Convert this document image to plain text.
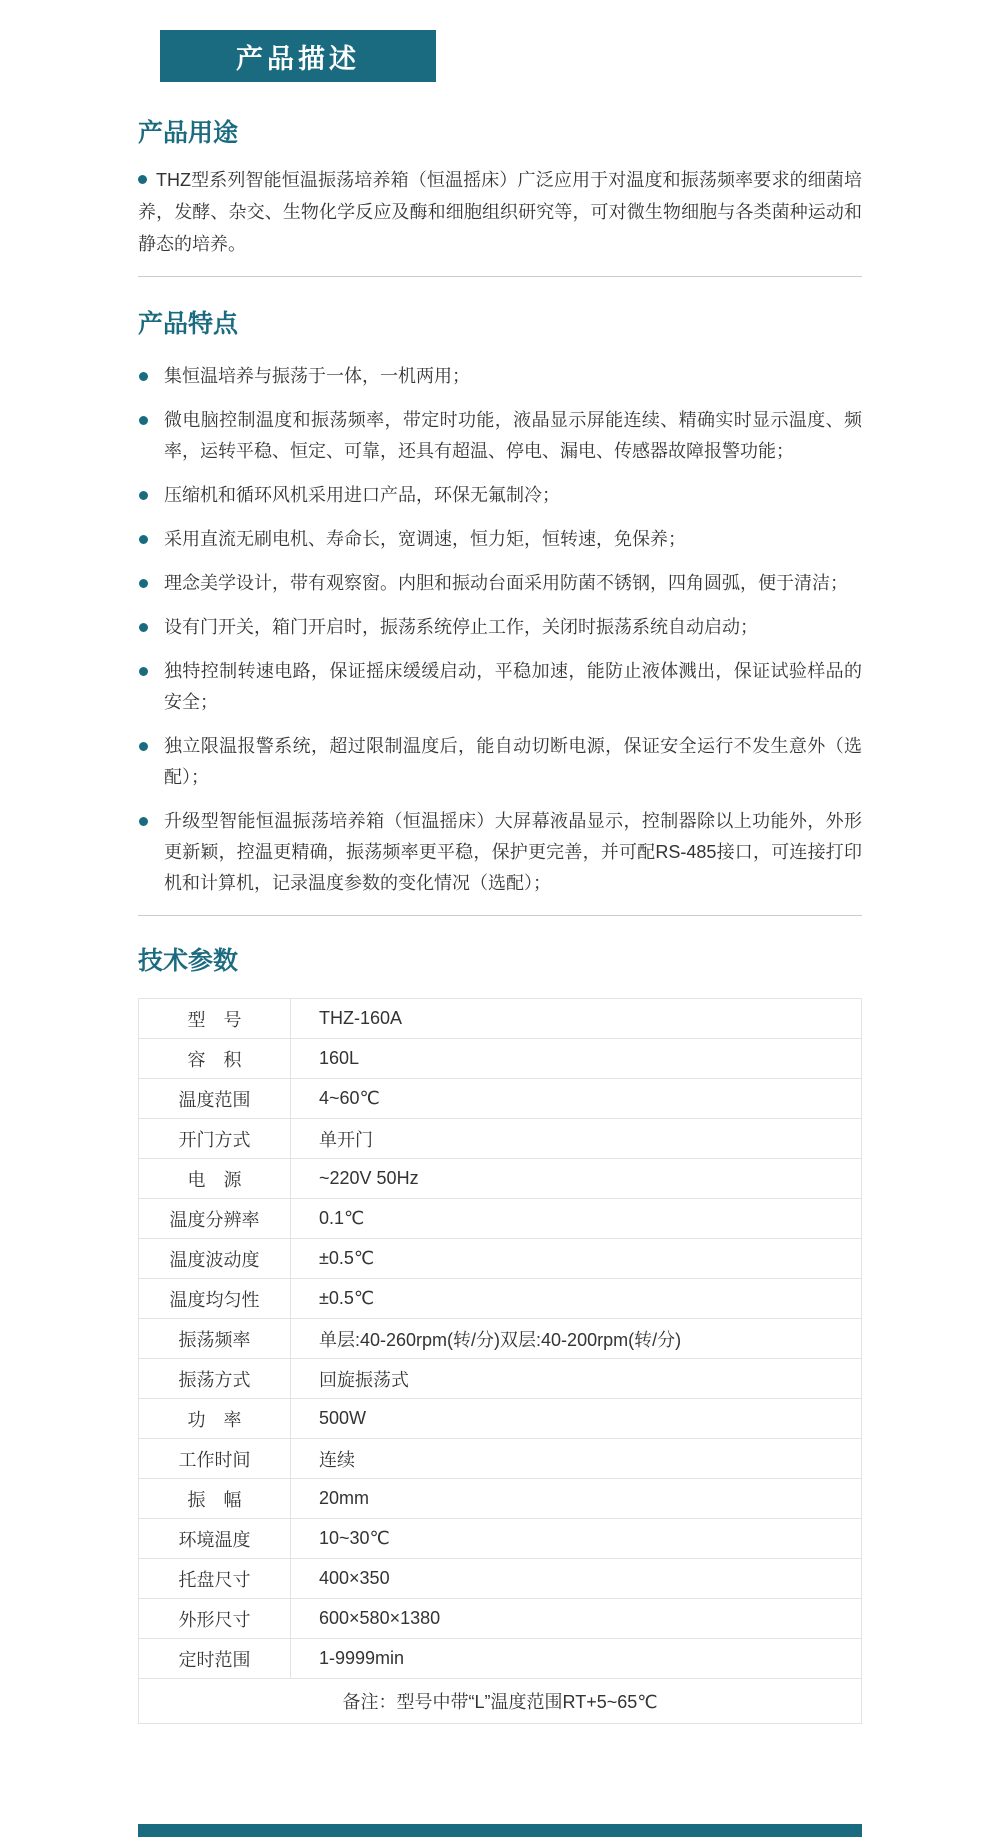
产品描述
产品用途

THZ型系列智能恒温振荡培养箱（恒温摇床）广泛应用于对温度和振荡频率要求的细菌培养，发酵、杂交、生物化学反应及酶和细胞组织研究等，可对微生物细胞与各类菌种运动和静态的培养。

产品特点
集恒温培养与振荡于一体，一机两用；
微电脑控制温度和振荡频率，带定时功能，液晶显示屏能连续、精确实时显示温度、频率，运转平稳、恒定、可靠，还具有超温、停电、漏电、传感器故障报警功能；
压缩机和循环风机采用进口产品，环保无氟制冷；
采用直流无刷电机、寿命长，宽调速，恒力矩，恒转速，免保养；
理念美学设计，带有观察窗。内胆和振动台面采用防菌不锈钢，四角圆弧，便于清洁；
设有门开关，箱门开启时，振荡系统停止工作，关闭时振荡系统自动启动；
独特控制转速电路，保证摇床缓缓启动，平稳加速，能防止液体溅出，保证试验样品的安全；
独立限温报警系统，超过限制温度后，能自动切断电源，保证安全运行不发生意外（选配）；
升级型智能恒温振荡培养箱（恒温摇床）大屏幕液晶显示，控制器除以上功能外，外形更新颖，控温更精确，振荡频率更平稳，保护更完善，并可配RS-485接口，可连接打印机和计算机，记录温度参数的变化情况（选配）；
技术参数
型　号	THZ-160A
容　积	160L
温度范围	4~60℃
开门方式	单开门
电　源	~220V 50Hz
温度分辨率	0.1℃
温度波动度	±0.5℃
温度均匀性	±0.5℃
振荡频率	单层:40-260rpm(转/分)双层:40-200rpm(转/分)
振荡方式	回旋振荡式
功　率	500W
工作时间	连续
振　幅	20mm
环境温度	10~30℃
托盘尺寸	400×350
外形尺寸	600×580×1380
定时范围	1-9999min
备注：型号中带“L”温度范围RT+5~65℃	
